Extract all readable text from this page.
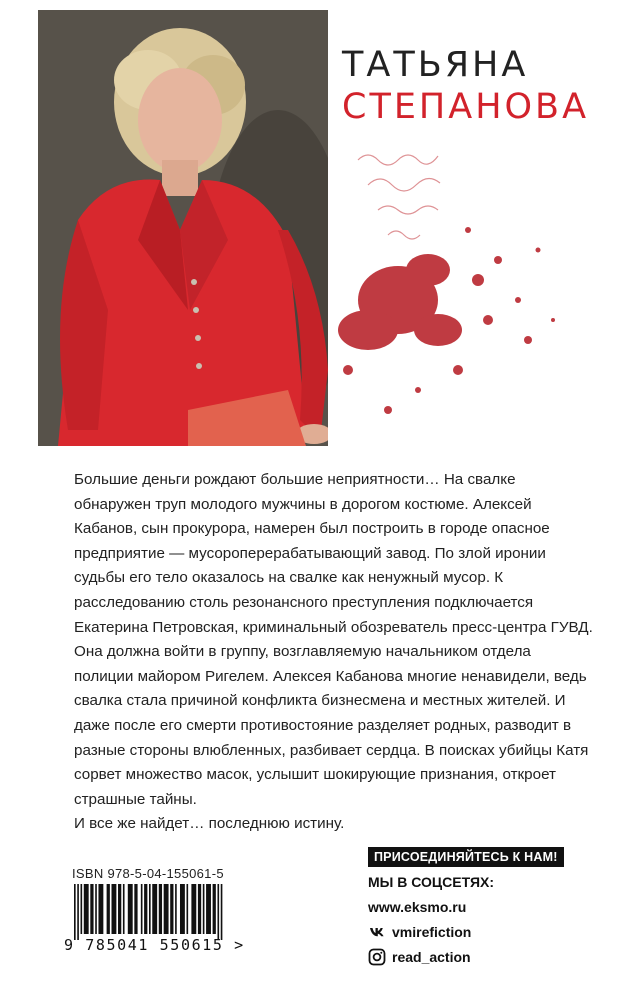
ТАТЬЯНА
СТЕПАНОВА

Большие деньги рождают большие неприятности… На свалке обнаружен труп молодого мужчины в дорогом костюме. Алексей Кабанов, сын прокурора, намерен был построить в городе опасное предприятие — мусороперерабатывающий завод. По злой иронии судьбы его тело оказалось на свалке как ненужный мусор. К расследованию столь резонансного преступления подключается Екатерина Петровская, криминальный обозреватель пресс-центра ГУВД.

Она должна войти в группу, возглавляемую начальником отдела полиции майором Ригелем. Алексея Кабанова многие ненавидели, ведь свалка стала причиной конфликта бизнесмена и местных жителей. И даже после его смерти противостояние разделяет родных, разводит в разные стороны влюбленных, разбивает сердца. В поисках убийцы Катя сорвет множество масок, услышит шокирующие признания, откроет страшные тайны.

И все же найдет… последнюю истину.

ISBN 978-5-04-155061-5
9 785041 550615 >
ПРИСОЕДИНЯЙТЕСЬ К НАМ!
МЫ В СОЦСЕТЯХ:
www.eksmo.ru
vmirefiction
read_action
